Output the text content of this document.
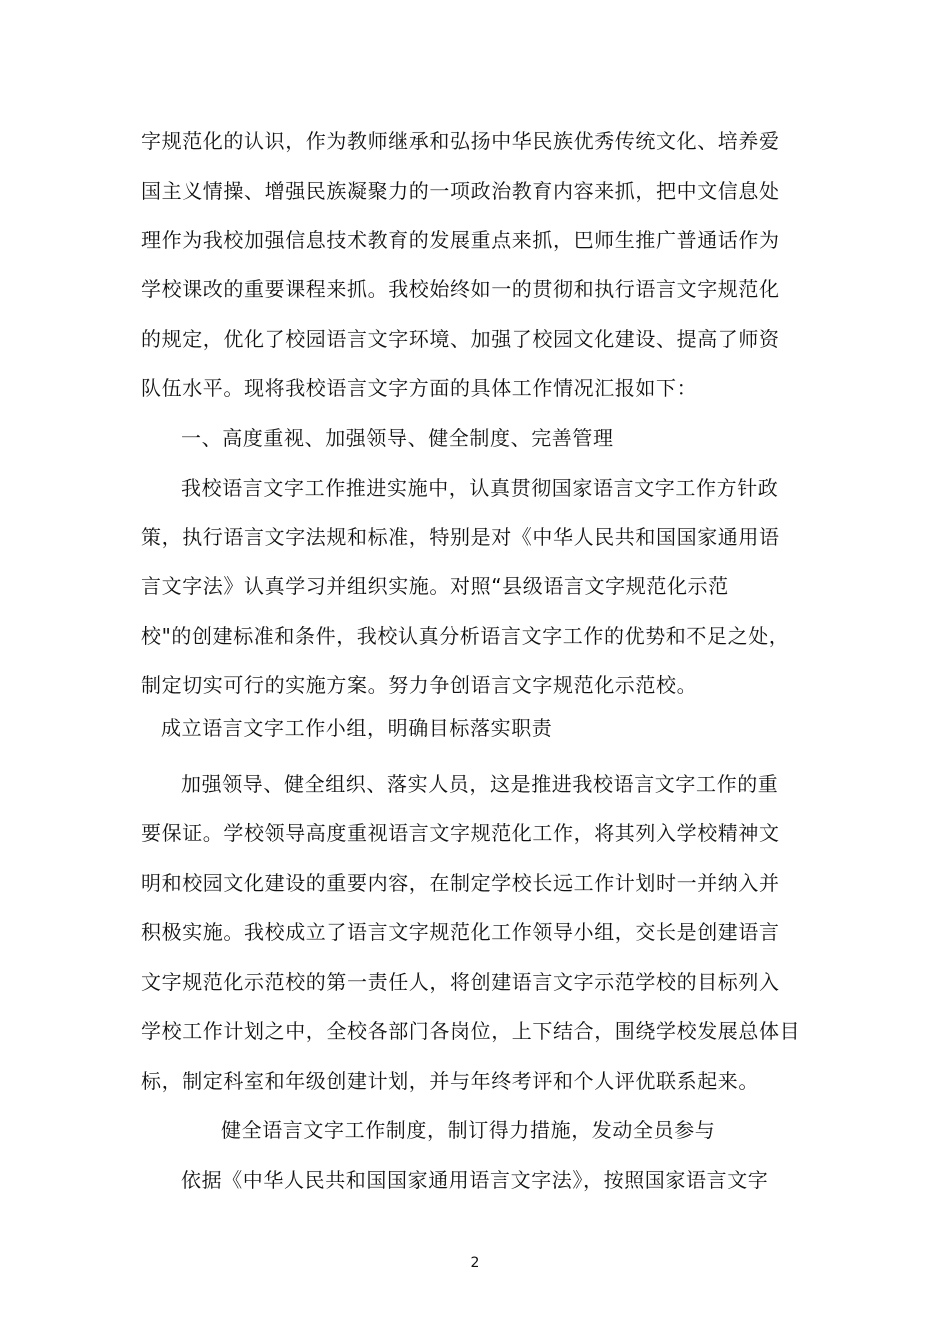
字规范化的认识，作为教师继承和弘扬中华民族优秀传统文化、培养爱
国主义情操、增强民族凝聚力的一项政治教育内容来抓，把中文信息处
理作为我校加强信息技术教育的发展重点来抓，巴师生推广普通话作为
学校课改的重要课程来抓。我校始终如一的贯彻和执行语言文字规范化
的规定，优化了校园语言文字环境、加强了校园文化建设、提高了师资
队伍水平。现将我校语言文字方面的具体工作情况汇报如下：
一、高度重视、加强领导、健全制度、完善管理
我校语言文字工作推进实施中，认真贯彻国家语言文字工作方针政
策，执行语言文字法规和标准，特别是对《中华人民共和国国家通用语
言文字法》认真学习并组织实施。对照“县级语言文字规范化示范
校"的创建标准和条件，我校认真分析语言文字工作的优势和不足之处，
制定切实可行的实施方案。努力争创语言文字规范化示范校。
成立语言文字工作小组，明确目标落实职责
加强领导、健全组织、落实人员，这是推进我校语言文字工作的重
要保证。学校领导高度重视语言文字规范化工作，将其列入学校精神文
明和校园文化建设的重要内容，在制定学校长远工作计划时一并纳入并
积极实施。我校成立了语言文字规范化工作领导小组，交长是创建语言
文字规范化示范校的第一责任人，将创建语言文字示范学校的目标列入
学校工作计划之中，全校各部门各岗位，上下结合，围绕学校发展总体目
标，制定科室和年级创建计划，并与年终考评和个人评优联系起来。
健全语言文字工作制度，制订得力措施，发动全员参与
依据《中华人民共和国国家通用语言文字法》，按照国家语言文字
2
